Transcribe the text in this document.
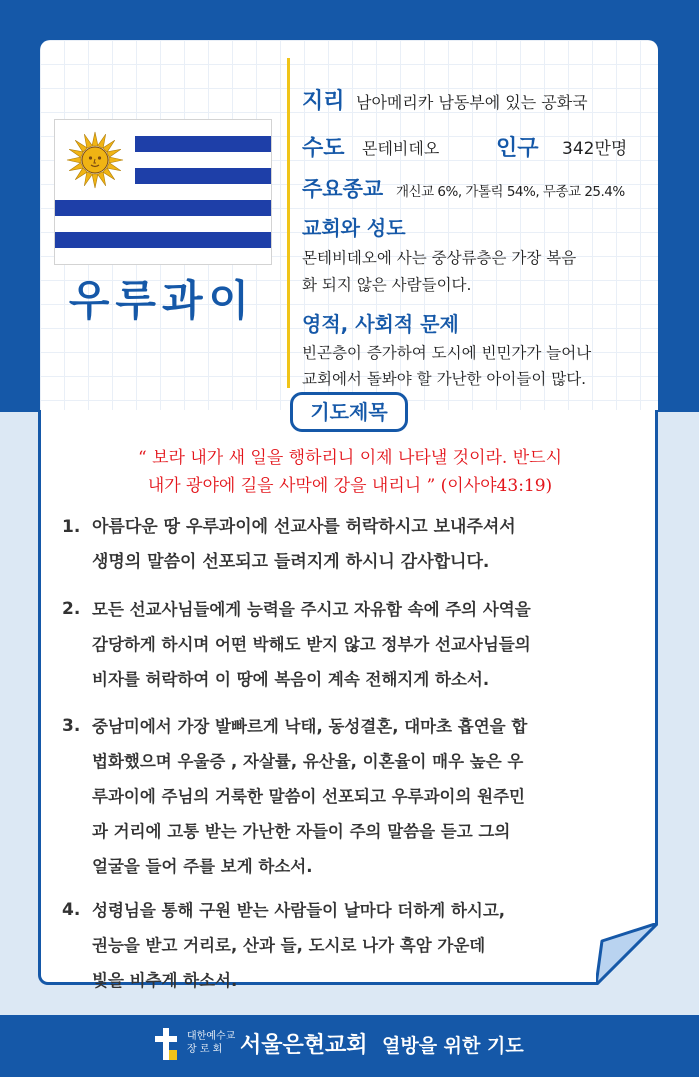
우루과이
지리 남아메리카 남동부에 있는 공화국
수도 몬테비데오	인구 342만명
주요종교 개신교 6%, 가톨릭 54%, 무종교 25.4%
교회와 성도
몬테비데오에 사는 중상류층은 가장 복음
화 되지 않은 사람들이다.
영적, 사회적 문제
빈곤층이 증가하여 도시에 빈민가가 늘어나
교회에서 돌봐야 할 가난한 아이들이 많다.
기도제목
“ 보라 내가 새 일을 행하리니 이제 나타낼 것이라. 반드시
내가 광야에 길을 사막에 강을 내리니 ” (이사야43:19)
1. 아름다운 땅 우루과이에 선교사를 허락하시고 보내주셔서
생명의 말씀이 선포되고 들려지게 하시니 감사합니다.
2. 모든 선교사님들에게 능력을 주시고 자유함 속에 주의 사역을
감당하게 하시며 어떤 박해도 받지 않고 정부가 선교사님들의
비자를 허락하여 이 땅에 복음이 계속 전해지게 하소서.
3. 중남미에서 가장 발빠르게 낙태, 동성결혼, 대마초 흡연을 합
법화했으며 우울증 , 자살률, 유산율, 이혼율이 매우 높은 우
루과이에 주님의 거룩한 말씀이 선포되고 우루과이의 원주민
과 거리에 고통 받는 가난한 자들이 주의 말씀을 듣고 그의
얼굴을 들어 주를 보게 하소서.
4. 성령님을 통해 구원 받는 사람들이 날마다 더하게 하시고,
권능을 받고 거리로, 산과 들, 도시로 나가 흑암 가운데
빛을 비추게 하소서.
대한예수교
장 로 회 서울은현교회 열방을 위한 기도
